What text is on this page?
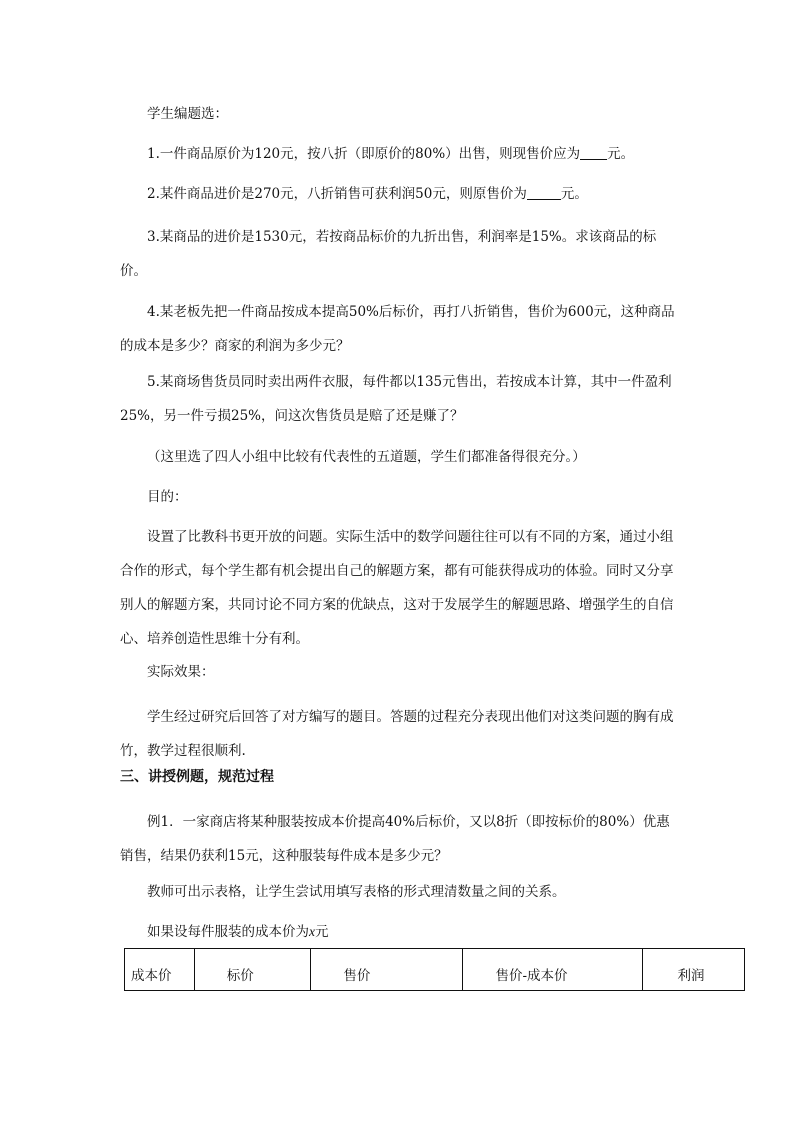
学生编题选：

1.一件商品原价为120元，按八折（即原价的80%）出售，则现售价应为 元。

2.某件商品进价是270元，八折销售可获利润50元，则原售价为	元。

3.某商品的进价是1530元，若按商品标价的九折出售，利润率是15%。求该商品的标价。

4.某老板先把一件商品按成本提高50%后标价，再打八折销售，售价为600元，这种商品的成本是多少？商家的利润为多少元？

5.某商场售货员同时卖出两件衣服，每件都以135元售出，若按成本计算，其中一件盈利25%，另一件亏损25%，问这次售货员是赔了还是赚了？

（这里选了四人小组中比较有代表性的五道题，学生们都准备得很充分。）

目的：

设置了比教科书更开放的问题。实际生活中的数学问题往往可以有不同的方案，通过小组合作的形式，每个学生都有机会提出自己的解题方案，都有可能获得成功的体验。同时又分享别人的解题方案，共同讨论不同方案的优缺点，这对于发展学生的解题思路、增强学生的自信心、培养创造性思维十分有利。

实际效果：

学生经过研究后回答了对方编写的题目。答题的过程充分表现出他们对这类问题的胸有成竹，教学过程很顺利.

三、讲授例题，规范过程

例1．一家商店将某种服装按成本价提高40%后标价，又以8折（即按标价的80%）优惠销售，结果仍获利15元，这种服装每件成本是多少元？

教师可出示表格，让学生尝试用填写表格的形式理清数量之间的关系。

如果设每件服装的成本价为x元

成本价	标价	售价	售价-成本价	利润
